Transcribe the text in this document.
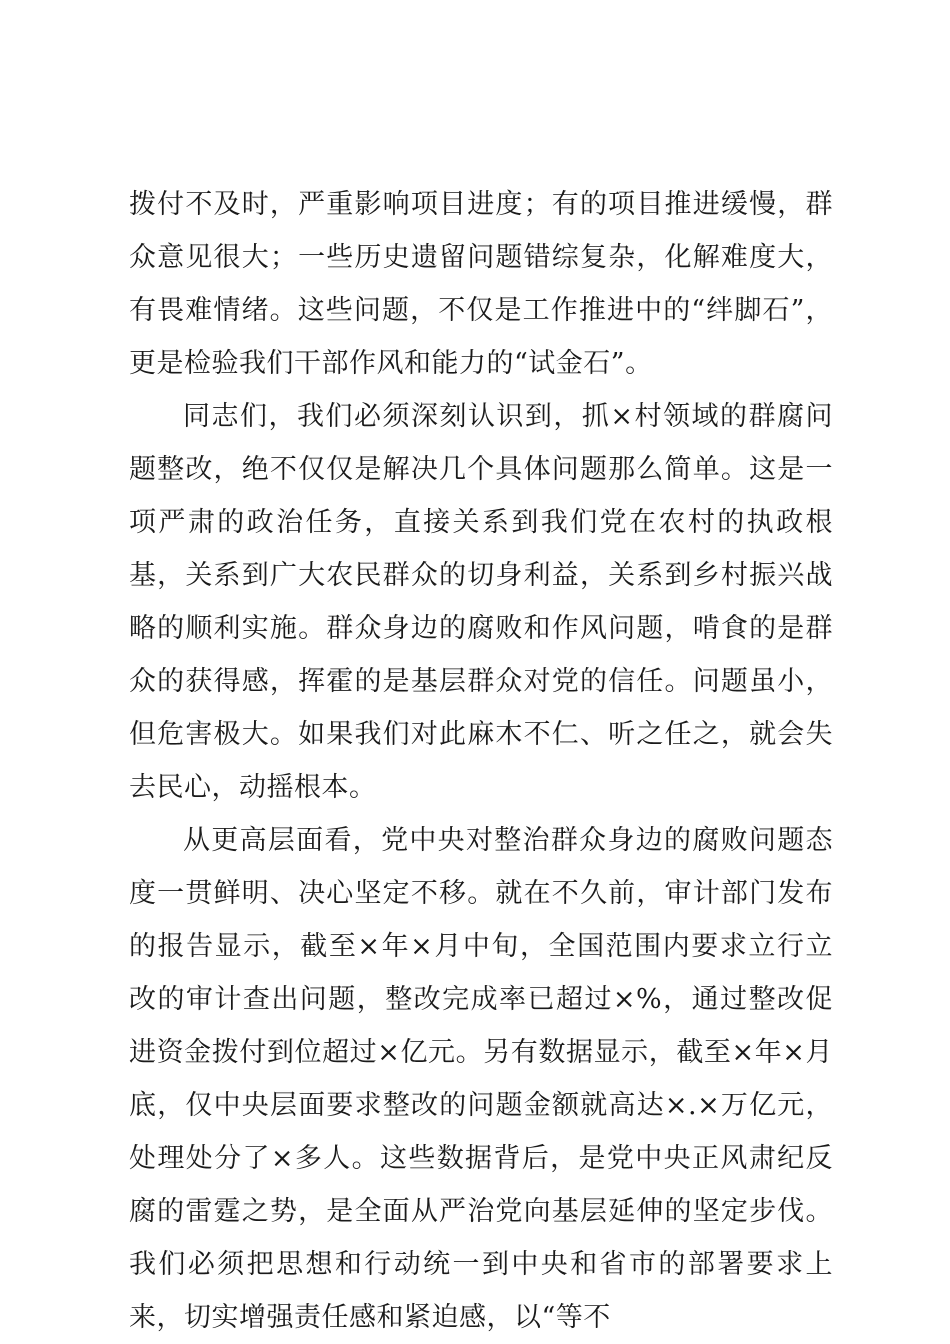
拨付不及时，严重影响项目进度；有的项目推进缓慢，群众意见很大；一些历史遗留问题错综复杂，化解难度大，有畏难情绪。这些问题，不仅是工作推进中的“绊脚石”，更是检验我们干部作风和能力的“试金石”。

同志们，我们必须深刻认识到，抓×村领域的群腐问题整改，绝不仅仅是解决几个具体问题那么简单。这是一项严肃的政治任务，直接关系到我们党在农村的执政根基，关系到广大农民群众的切身利益，关系到乡村振兴战略的顺利实施。群众身边的腐败和作风问题，啃食的是群众的获得感，挥霍的是基层群众对党的信任。问题虽小，但危害极大。如果我们对此麻木不仁、听之任之，就会失去民心，动摇根本。

从更高层面看，党中央对整治群众身边的腐败问题态度一贯鲜明、决心坚定不移。就在不久前，审计部门发布的报告显示，截至×年×月中旬，全国范围内要求立行立改的审计查出问题，整改完成率已超过×%，通过整改促进资金拨付到位超过×亿元。另有数据显示，截至×年×月底，仅中央层面要求整改的问题金额就高达×.×万亿元，处理处分了×多人。这些数据背后，是党中央正风肃纪反腐的雷霆之势，是全面从严治党向基层延伸的坚定步伐。我们必须把思想和行动统一到中央和省市的部署要求上来，切实增强责任感和紧迫感，以“等不
